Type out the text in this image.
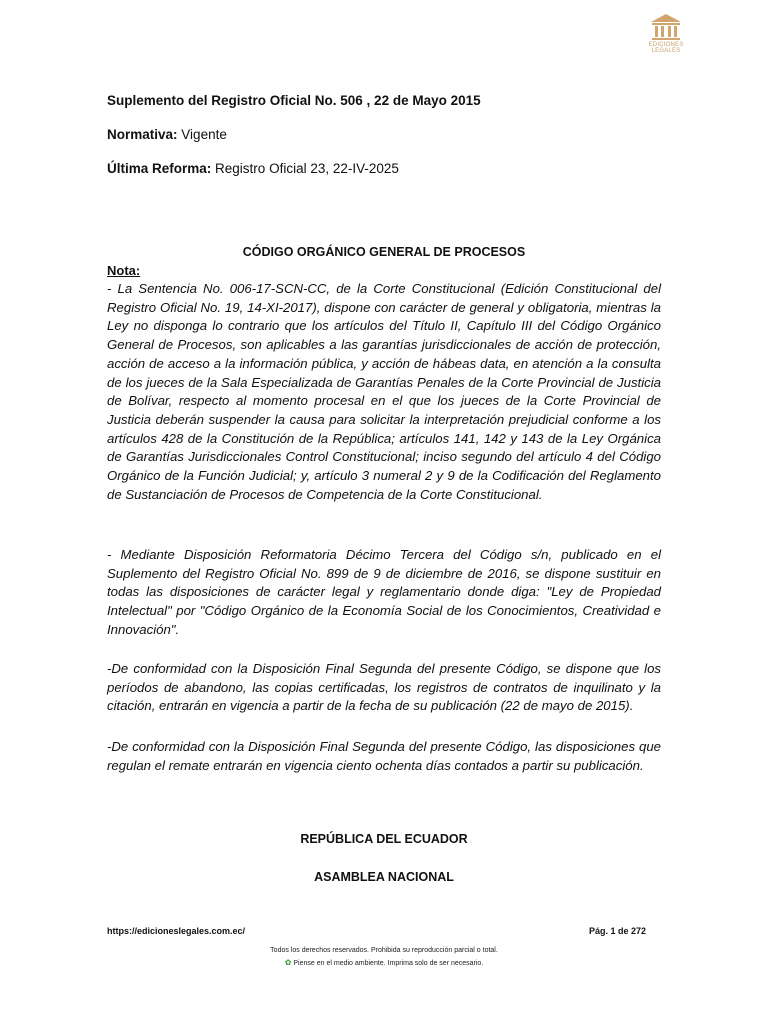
EDICIONES
LEGALES
Suplemento del Registro Oficial No. 506 , 22 de Mayo 2015
Normativa: Vigente
Última Reforma: Registro Oficial 23, 22-IV-2025
CÓDIGO ORGÁNICO GENERAL DE PROCESOS
Nota:

- La Sentencia No. 006-17-SCN-CC, de la Corte Constitucional (Edición Constitucional del Registro Oficial No. 19, 14-XI-2017), dispone con carácter de general y obligatoria, mientras la Ley no disponga lo contrario que los artículos del Título II, Capítulo III del Código Orgánico General de Procesos, son aplicables a las garantías jurisdiccionales de acción de protección, acción de acceso a la información pública, y acción de hábeas data, en atención a la consulta de los jueces de la Sala Especializada de Garantías Penales de la Corte Provincial de Justicia de Bolívar, respecto al momento procesal en el que los jueces de la Corte Provincial de Justicia deberán suspender la causa para solicitar la interpretación prejudicial conforme a los artículos 428 de la Constitución de la República; artículos 141, 142 y 143 de la Ley Orgánica de Garantías Jurisdiccionales Control Constitucional; inciso segundo del artículo 4 del Código Orgánico de la Función Judicial; y, artículo 3 numeral 2 y 9 de la Codificación del Reglamento de Sustanciación de Procesos de Competencia de la Corte Constitucional.

- Mediante Disposición Reformatoria Décimo Tercera del Código s/n, publicado en el Suplemento del Registro Oficial No. 899 de 9 de diciembre de 2016, se dispone sustituir en todas las disposiciones de carácter legal y reglamentario donde diga: "Ley de Propiedad Intelectual" por "Código Orgánico de la Economía Social de los Conocimientos, Creatividad e Innovación".

-De conformidad con la Disposición Final Segunda del presente Código, se dispone que los períodos de abandono, las copias certificadas, los registros de contratos de inquilinato y la citación, entrarán en vigencia a partir de la fecha de su publicación (22 de mayo de 2015).

-De conformidad con la Disposición Final Segunda del presente Código, las disposiciones que regulan el remate entrarán en vigencia ciento ochenta días contados a partir su publicación.

REPÚBLICA DEL ECUADOR
ASAMBLEA NACIONAL
https://edicioneslegales.com.ec/	Pág. 1 de 272
Todos los derechos reservados. Prohibida su reproducción parcial o total.
✿ Piense en el medio ambiente. Imprima solo de ser necesario.
